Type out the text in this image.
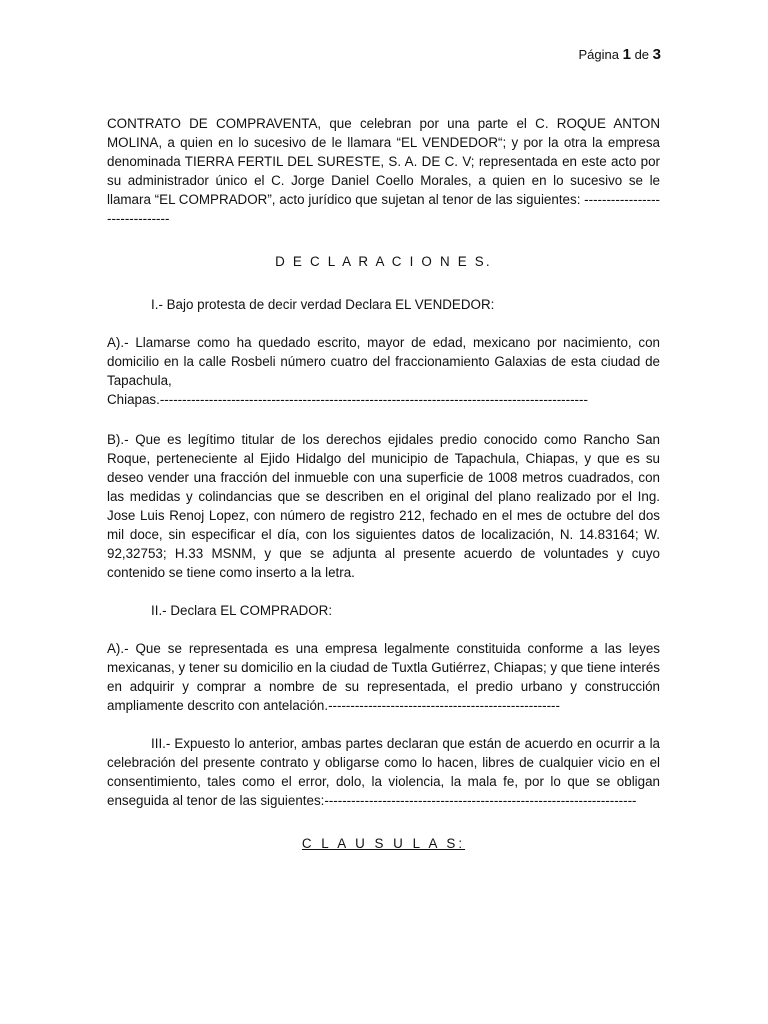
Página 1 de 3

CONTRATO DE COMPRAVENTA, que celebran por una parte el C. ROQUE ANTON MOLINA, a quien en lo sucesivo de le llamara “EL VENDEDOR“; y por la otra la empresa denominada TIERRA FERTIL DEL SURESTE, S. A. DE C. V; representada en este acto por su administrador único el C. Jorge Daniel Coello Morales, a quien en lo sucesivo se le llamara “EL COMPRADOR”, acto jurídico que sujetan al tenor de las siguientes: -------------------------------

D E C L A R A C I O N E S.

I.- Bajo protesta de decir verdad Declara EL VENDEDOR:

A).- Llamarse como ha quedado escrito, mayor de edad, mexicano por nacimiento, con domicilio en la calle Rosbeli número cuatro del fraccionamiento Galaxias de esta ciudad de Tapachula,

Chiapas.------------------------------------------------------------------------------------------------

B).- Que es legítimo titular de los derechos ejidales predio conocido como Rancho San Roque, perteneciente al Ejido Hidalgo del municipio de Tapachula, Chiapas, y que es su deseo vender una fracción del inmueble con una superficie de 1008 metros cuadrados, con las medidas y colindancias que se describen en el original del plano realizado por el Ing. Jose Luis Renoj Lopez, con número de registro 212, fechado en el mes de octubre del dos mil doce, sin especificar el día, con los siguientes datos de localización, N. 14.83164; W. 92,32753; H.33 MSNM, y que se adjunta al presente acuerdo de voluntades y cuyo contenido se tiene como inserto a la letra.

II.- Declara EL COMPRADOR:

A).- Que se representada es una empresa legalmente constituida conforme a las leyes mexicanas, y tener su domicilio en la ciudad de Tuxtla Gutiérrez, Chiapas; y que tiene interés en adquirir y comprar a nombre de su representada, el predio urbano y construcción ampliamente descrito con antelación.----------------------------------------------------

III.- Expuesto lo anterior, ambas partes declaran que están de acuerdo en ocurrir a la celebración del presente contrato y obligarse como lo hacen, libres de cualquier vicio en el consentimiento, tales como el error, dolo, la violencia, la mala fe, por lo que se obligan enseguida al tenor de las siguientes:----------------------------------------------------------------------

C L A U S U L A S:
